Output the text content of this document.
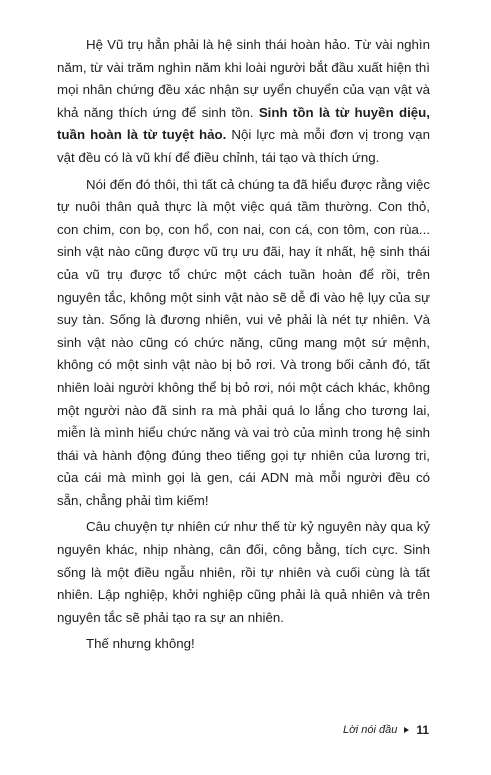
Hệ Vũ trụ hẳn phải là hệ sinh thái hoàn hảo. Từ vài nghìn năm, từ vài trăm nghìn năm khi loài người bắt đầu xuất hiện thì mọi nhân chứng đều xác nhận sự uyển chuyển của vạn vật và khả năng thích ứng để sinh tồn. Sinh tồn là từ huyền diệu, tuần hoàn là từ tuyệt hảo. Nội lực mà mỗi đơn vị trong vạn vật đều có là vũ khí để điều chỉnh, tái tạo và thích ứng.

Nói đến đó thôi, thì tất cả chúng ta đã hiểu được rằng việc tự nuôi thân quả thực là một việc quá tầm thường. Con thỏ, con chim, con bọ, con hổ, con nai, con cá, con tôm, con rùa... sinh vật nào cũng được vũ trụ ưu đãi, hay ít nhất, hệ sinh thái của vũ trụ được tổ chức một cách tuần hoàn để rồi, trên nguyên tắc, không một sinh vật nào sẽ dễ đi vào hệ lụy của sự suy tàn. Sống là đương nhiên, vui vẻ phải là nét tự nhiên. Và sinh vật nào cũng có chức năng, cũng mang một sứ mệnh, không có một sinh vật nào bị bỏ rơi. Và trong bối cảnh đó, tất nhiên loài người không thể bị bỏ rơi, nói một cách khác, không một người nào đã sinh ra mà phải quá lo lắng cho tương lai, miễn là mình hiểu chức năng và vai trò của mình trong hệ sinh thái và hành động đúng theo tiếng gọi tự nhiên của lương tri, của cái mà mình gọi là gen, cái ADN mà mỗi người đều có sẵn, chẳng phải tìm kiếm!

Câu chuyện tự nhiên cứ như thế từ kỷ nguyên này qua kỷ nguyên khác, nhịp nhàng, cân đối, công bằng, tích cực. Sinh sống là một điều ngẫu nhiên, rồi tự nhiên và cuối cùng là tất nhiên. Lập nghiệp, khởi nghiệp cũng phải là quả nhiên và trên nguyên tắc sẽ phải tạo ra sự an nhiên.

Thế nhưng không!

Lời nói đầu 11
